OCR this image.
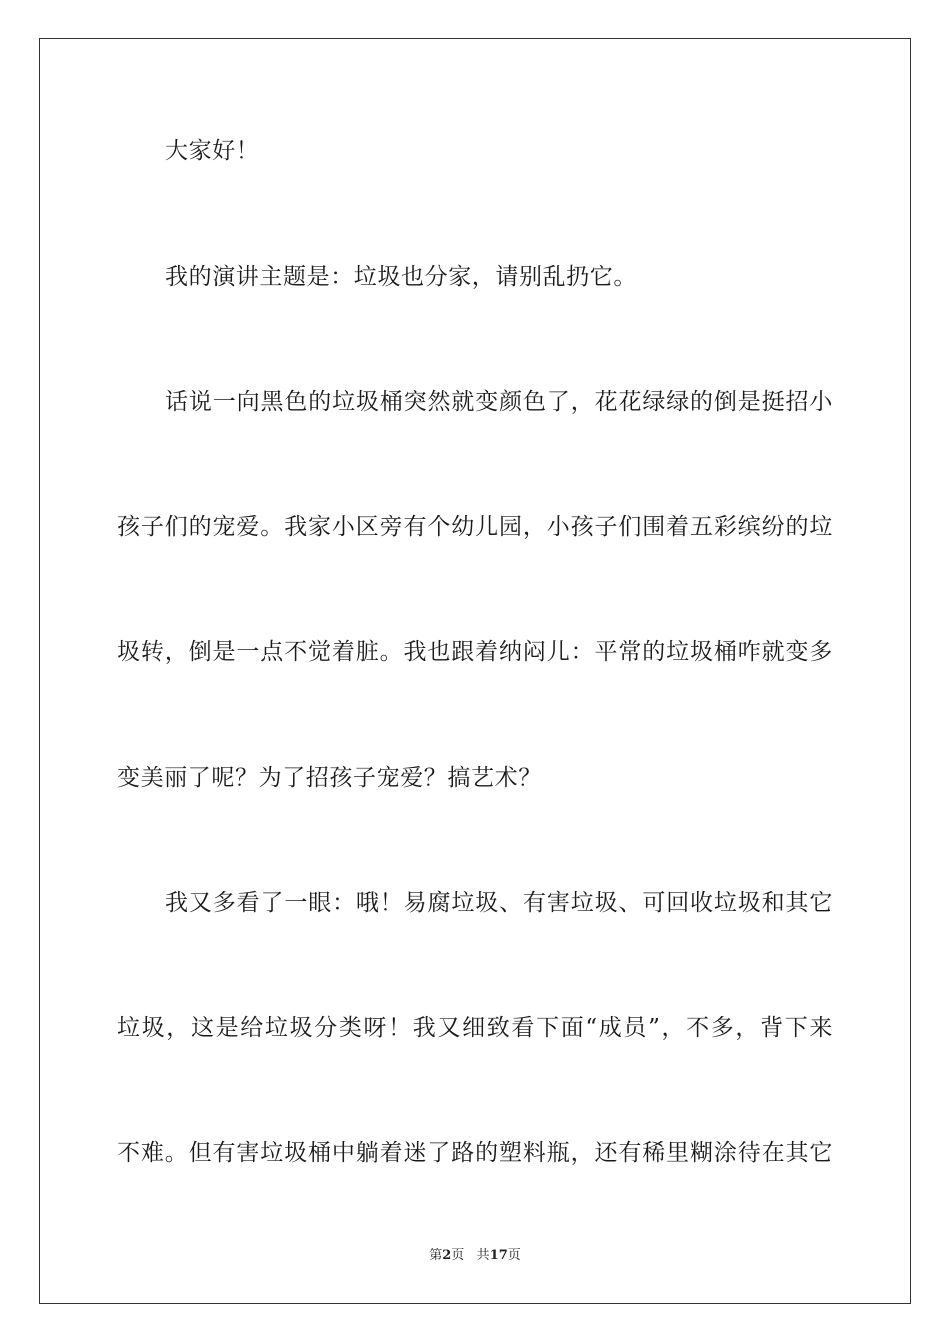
大家好！
我的演讲主题是：垃圾也分家，请别乱扔它。
话说一向黑色的垃圾桶突然就变颜色了，花花绿绿的倒是挺招小
孩子们的宠爱。我家小区旁有个幼儿园，小孩子们围着五彩缤纷的垃
圾转，倒是一点不觉着脏。我也跟着纳闷儿：平常的垃圾桶咋就变多
变美丽了呢？为了招孩子宠爱？搞艺术？
我又多看了一眼：哦！易腐垃圾、有害垃圾、可回收垃圾和其它
垃圾，这是给垃圾分类呀！我又细致看下面“成员”，不多，背下来
不难。但有害垃圾桶中躺着迷了路的塑料瓶，还有稀里糊涂待在其它
第2页 共17页
